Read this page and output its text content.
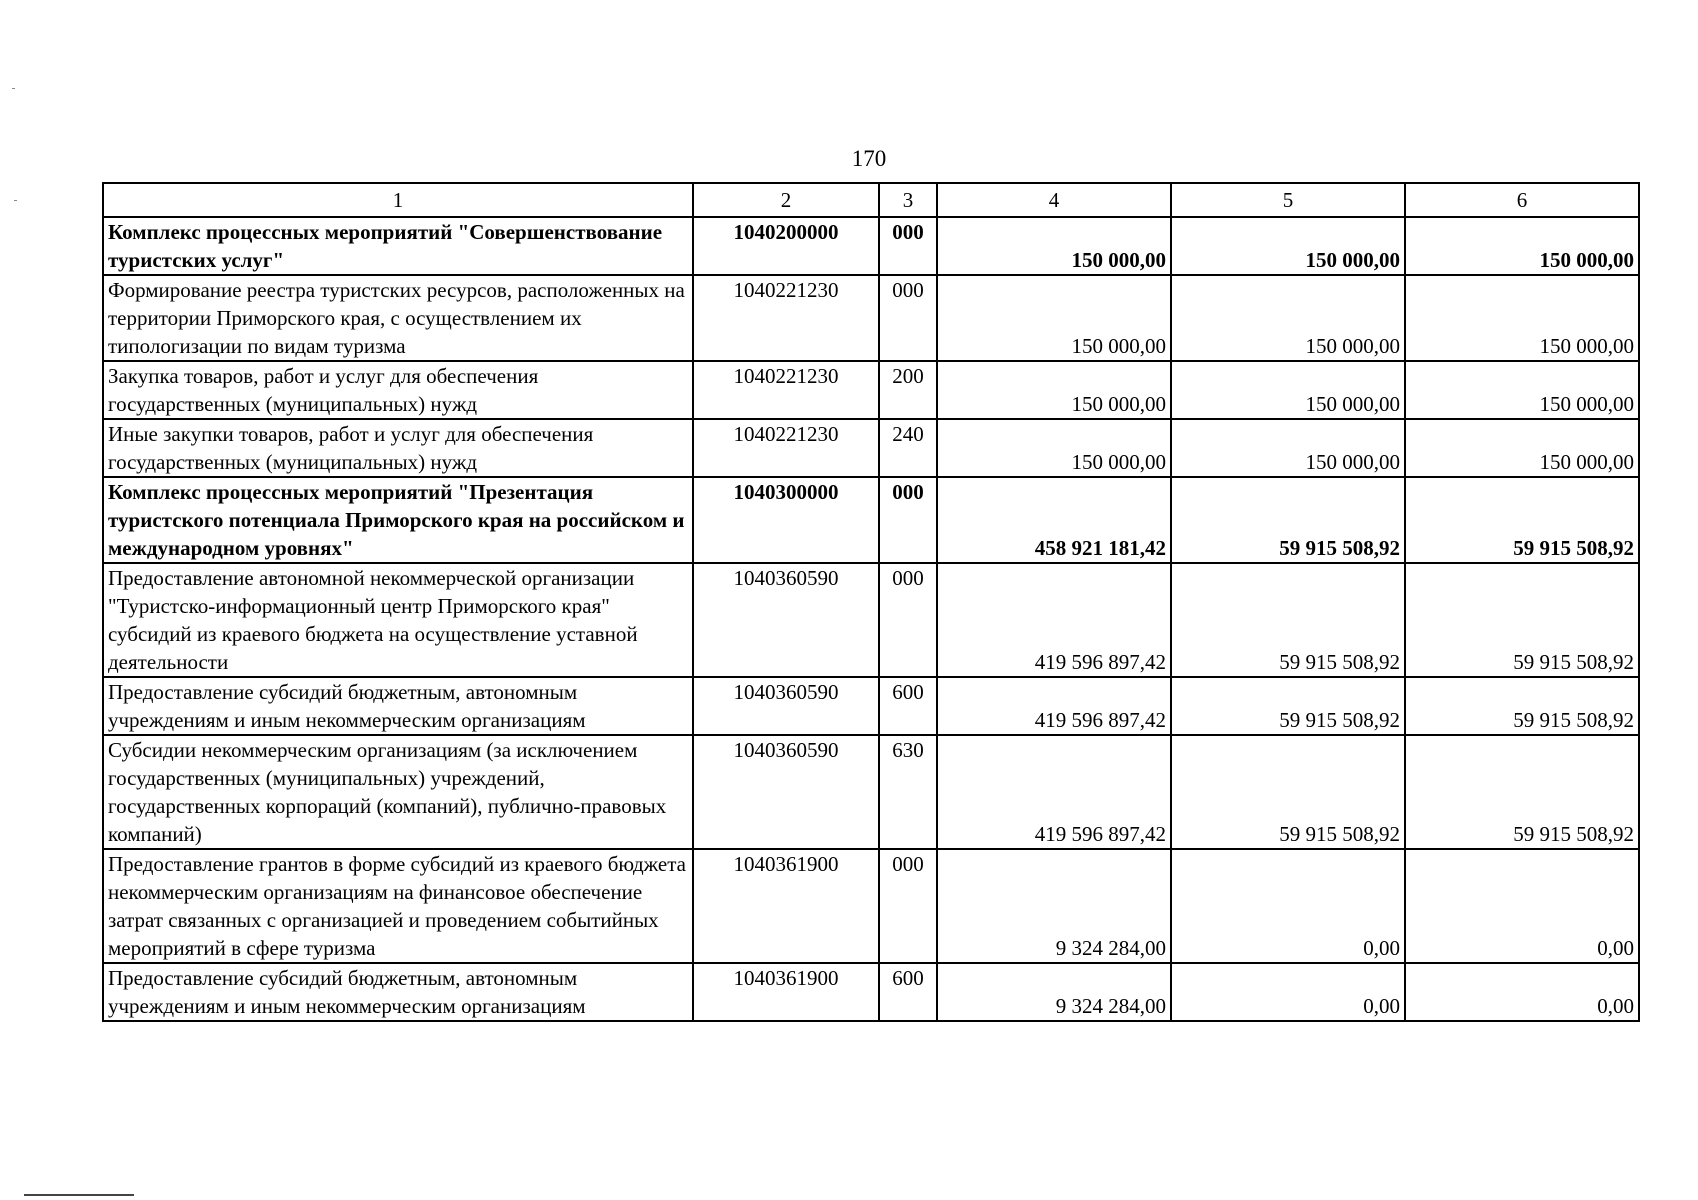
170
1	2	3	4	5	6
Комплекс процессных мероприятий "Совершенствование туристских услуг"	1040200000	000	150 000,00	150 000,00	150 000,00
Формирование реестра туристских ресурсов, расположенных на территории Приморского края, с осуществлением их типологизации по видам туризма	1040221230	000	150 000,00	150 000,00	150 000,00
Закупка товаров, работ и услуг для обеспечения государственных (муниципальных) нужд	1040221230	200	150 000,00	150 000,00	150 000,00
Иные закупки товаров, работ и услуг для обеспечения государственных (муниципальных) нужд	1040221230	240	150 000,00	150 000,00	150 000,00
Комплекс процессных мероприятий "Презентация туристского потенциала Приморского края на российском и международном уровнях"	1040300000	000	458 921 181,42	59 915 508,92	59 915 508,92
Предоставление автономной некоммерческой организации "Туристско-информационный центр Приморского края" субсидий из краевого бюджета на осуществление уставной деятельности	1040360590	000	419 596 897,42	59 915 508,92	59 915 508,92
Предоставление субсидий бюджетным, автономным учреждениям и иным некоммерческим организациям	1040360590	600	419 596 897,42	59 915 508,92	59 915 508,92
Субсидии некоммерческим организациям (за исключением государственных (муниципальных) учреждений, государственных корпораций (компаний), публично-правовых компаний)	1040360590	630	419 596 897,42	59 915 508,92	59 915 508,92
Предоставление грантов в форме субсидий из краевого бюджета некоммерческим организациям на финансовое обеспечение затрат связанных с организацией и проведением событийных мероприятий в сфере туризма	1040361900	000	9 324 284,00	0,00	0,00
Предоставление субсидий бюджетным, автономным учреждениям и иным некоммерческим организациям	1040361900	600	9 324 284,00	0,00	0,00
